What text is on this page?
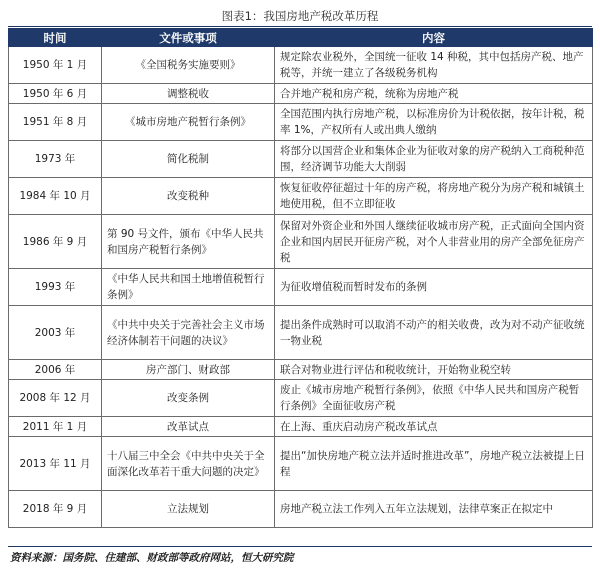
图表1：我国房地产税改革历程
时间	文件或事项	内容
1950 年 1 月	《全国税务实施要则》	规定除农业税外，全国统一征收 14 种税，其中包括房产税、地产税等，并统一建立了各级税务机构
1950 年 6 月	调整税收	合并地产税和房产税，统称为房地产税
1951 年 8 月	《城市房地产税暂行条例》	全国范围内执行房地产税，以标准房价为计税依据，按年计税，税率 1%，产权所有人或出典人缴纳
1973 年	简化税制	将部分以国营企业和集体企业为征收对象的房产税纳入工商税种范围，经济调节功能大大削弱
1984 年 10 月	改变税种	恢复征收停征超过十年的房产税，将房地产税分为房产税和城镇土地使用税，但不立即征收
1986 年 9 月	第 90 号文件，颁布《中华人民共和国房产税暂行条例》	保留对外资企业和外国人继续征收城市房产税，正式面向全国内资企业和国内居民开征房产税，对个人非营业用的房产全部免征房产税
1993 年	《中华人民共和国土地增值税暂行条例》	为征收增值税而暂时发布的条例
2003 年	《中共中央关于完善社会主义市场经济体制若干问题的决议》	提出条件成熟时可以取消不动产的相关收费，改为对不动产征收统一物业税
2006 年	房产部门、财政部	联合对物业进行评估和税收统计，开始物业税空转
2008 年 12 月	改变条例	废止《城市房地产税暂行条例》，依照《中华人民共和国房产税暂行条例》全面征收房产税
2011 年 1 月	改革试点	在上海、重庆启动房产税改革试点
2013 年 11 月	十八届三中全会《中共中央关于全面深化改革若干重大问题的决定》	提出“加快房地产税立法并适时推进改革”，房地产税立法被提上日程
2018 年 9 月	立法规划	房地产税立法工作列入五年立法规划，法律草案正在拟定中
资料来源：国务院、住建部、财政部等政府网站，恒大研究院
